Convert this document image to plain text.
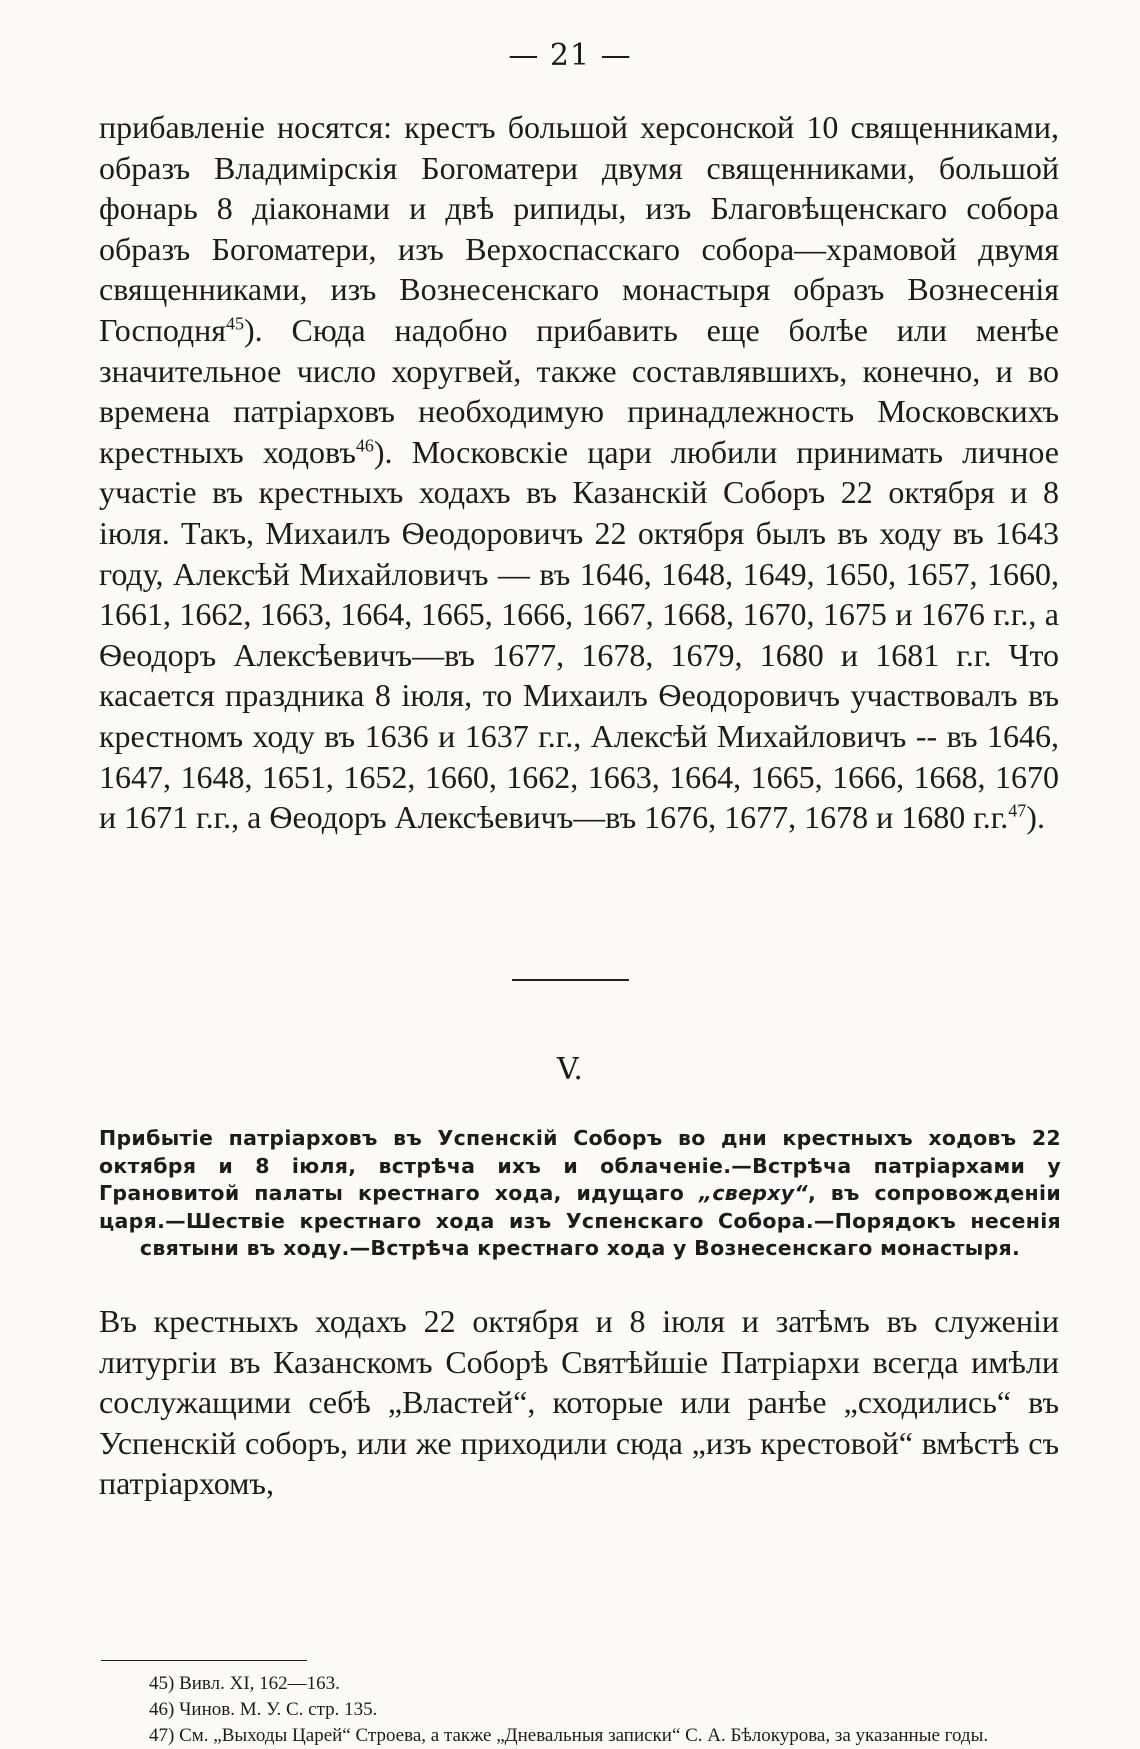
— 21 —

прибавленіе носятся: крестъ большой херсонской 10 священниками, образъ Владимірскія Богоматери двумя священниками, большой фонарь 8 діаконами и двѣ рипиды, изъ Благовѣщенскаго собора образъ Богоматери, изъ Верхоспасскаго собора—храмовой двумя священниками, изъ Вознесенскаго монастыря образъ Вознесенія Господня$^{45}$). Сюда надобно прибавить еще болѣе или менѣе значительное число хоругвей, также составлявшихъ, конечно, и во времена патріарховъ необходимую принадлежность Московскихъ крестныхъ ходовъ$^{46}$). Московскіе цари любили принимать личное участіе въ крестныхъ ходахъ въ Казанскій Соборъ 22 октября и 8 іюля. Такъ, Михаилъ Ѳеодоровичъ 22 октября былъ въ ходу въ 1643 году, Алексѣй Михайловичъ — въ 1646, 1648, 1649, 1650, 1657, 1660, 1661, 1662, 1663, 1664, 1665, 1666, 1667, 1668, 1670, 1675 и 1676 г.г., а Ѳеодоръ Алексѣевичъ—въ 1677, 1678, 1679, 1680 и 1681 г.г. Что касается праздника 8 іюля, то Михаилъ Ѳеодоровичъ участвовалъ въ крестномъ ходу въ 1636 и 1637 г.г., Алексѣй Михайловичъ -- въ 1646, 1647, 1648, 1651, 1652, 1660, 1662, 1663, 1664, 1665, 1666, 1668, 1670 и 1671 г.г., а Ѳеодоръ Алексѣевичъ—въ 1676, 1677, 1678 и 1680 г.г.$^{47}$).

V.

Прибытіе патріарховъ въ Успенскій Соборъ во дни крестныхъ ходовъ 22 октября и 8 іюля, встрѣча ихъ и облаченіе.—Встрѣча патріархами у Грановитой палаты крестнаго хода, идущаго „сверху“, въ сопровожденіи царя.—Шествіе крестнаго хода изъ Успенскаго Собора.—Порядокъ несенія святыни въ ходу.—Встрѣча крестнаго хода у Вознесенскаго монастыря.

Въ крестныхъ ходахъ 22 октября и 8 іюля и затѣмъ въ служеніи литургіи въ Казанскомъ Соборѣ Святѣйшіе Патріархи всегда имѣли сослужащими себѣ „Властей“, которые или ранѣе „сходились“ въ Успенскій соборъ, или же приходили сюда „изъ крестовой“ вмѣстѣ съ патріархомъ,

45) Вивл. XI, 162—163.
46) Чинов. М. У. С. стр. 135.
47) См. „Выходы Царей“ Строева, а также „Дневальныя записки“ С. А. Бѣлокурова, за указанные годы.
